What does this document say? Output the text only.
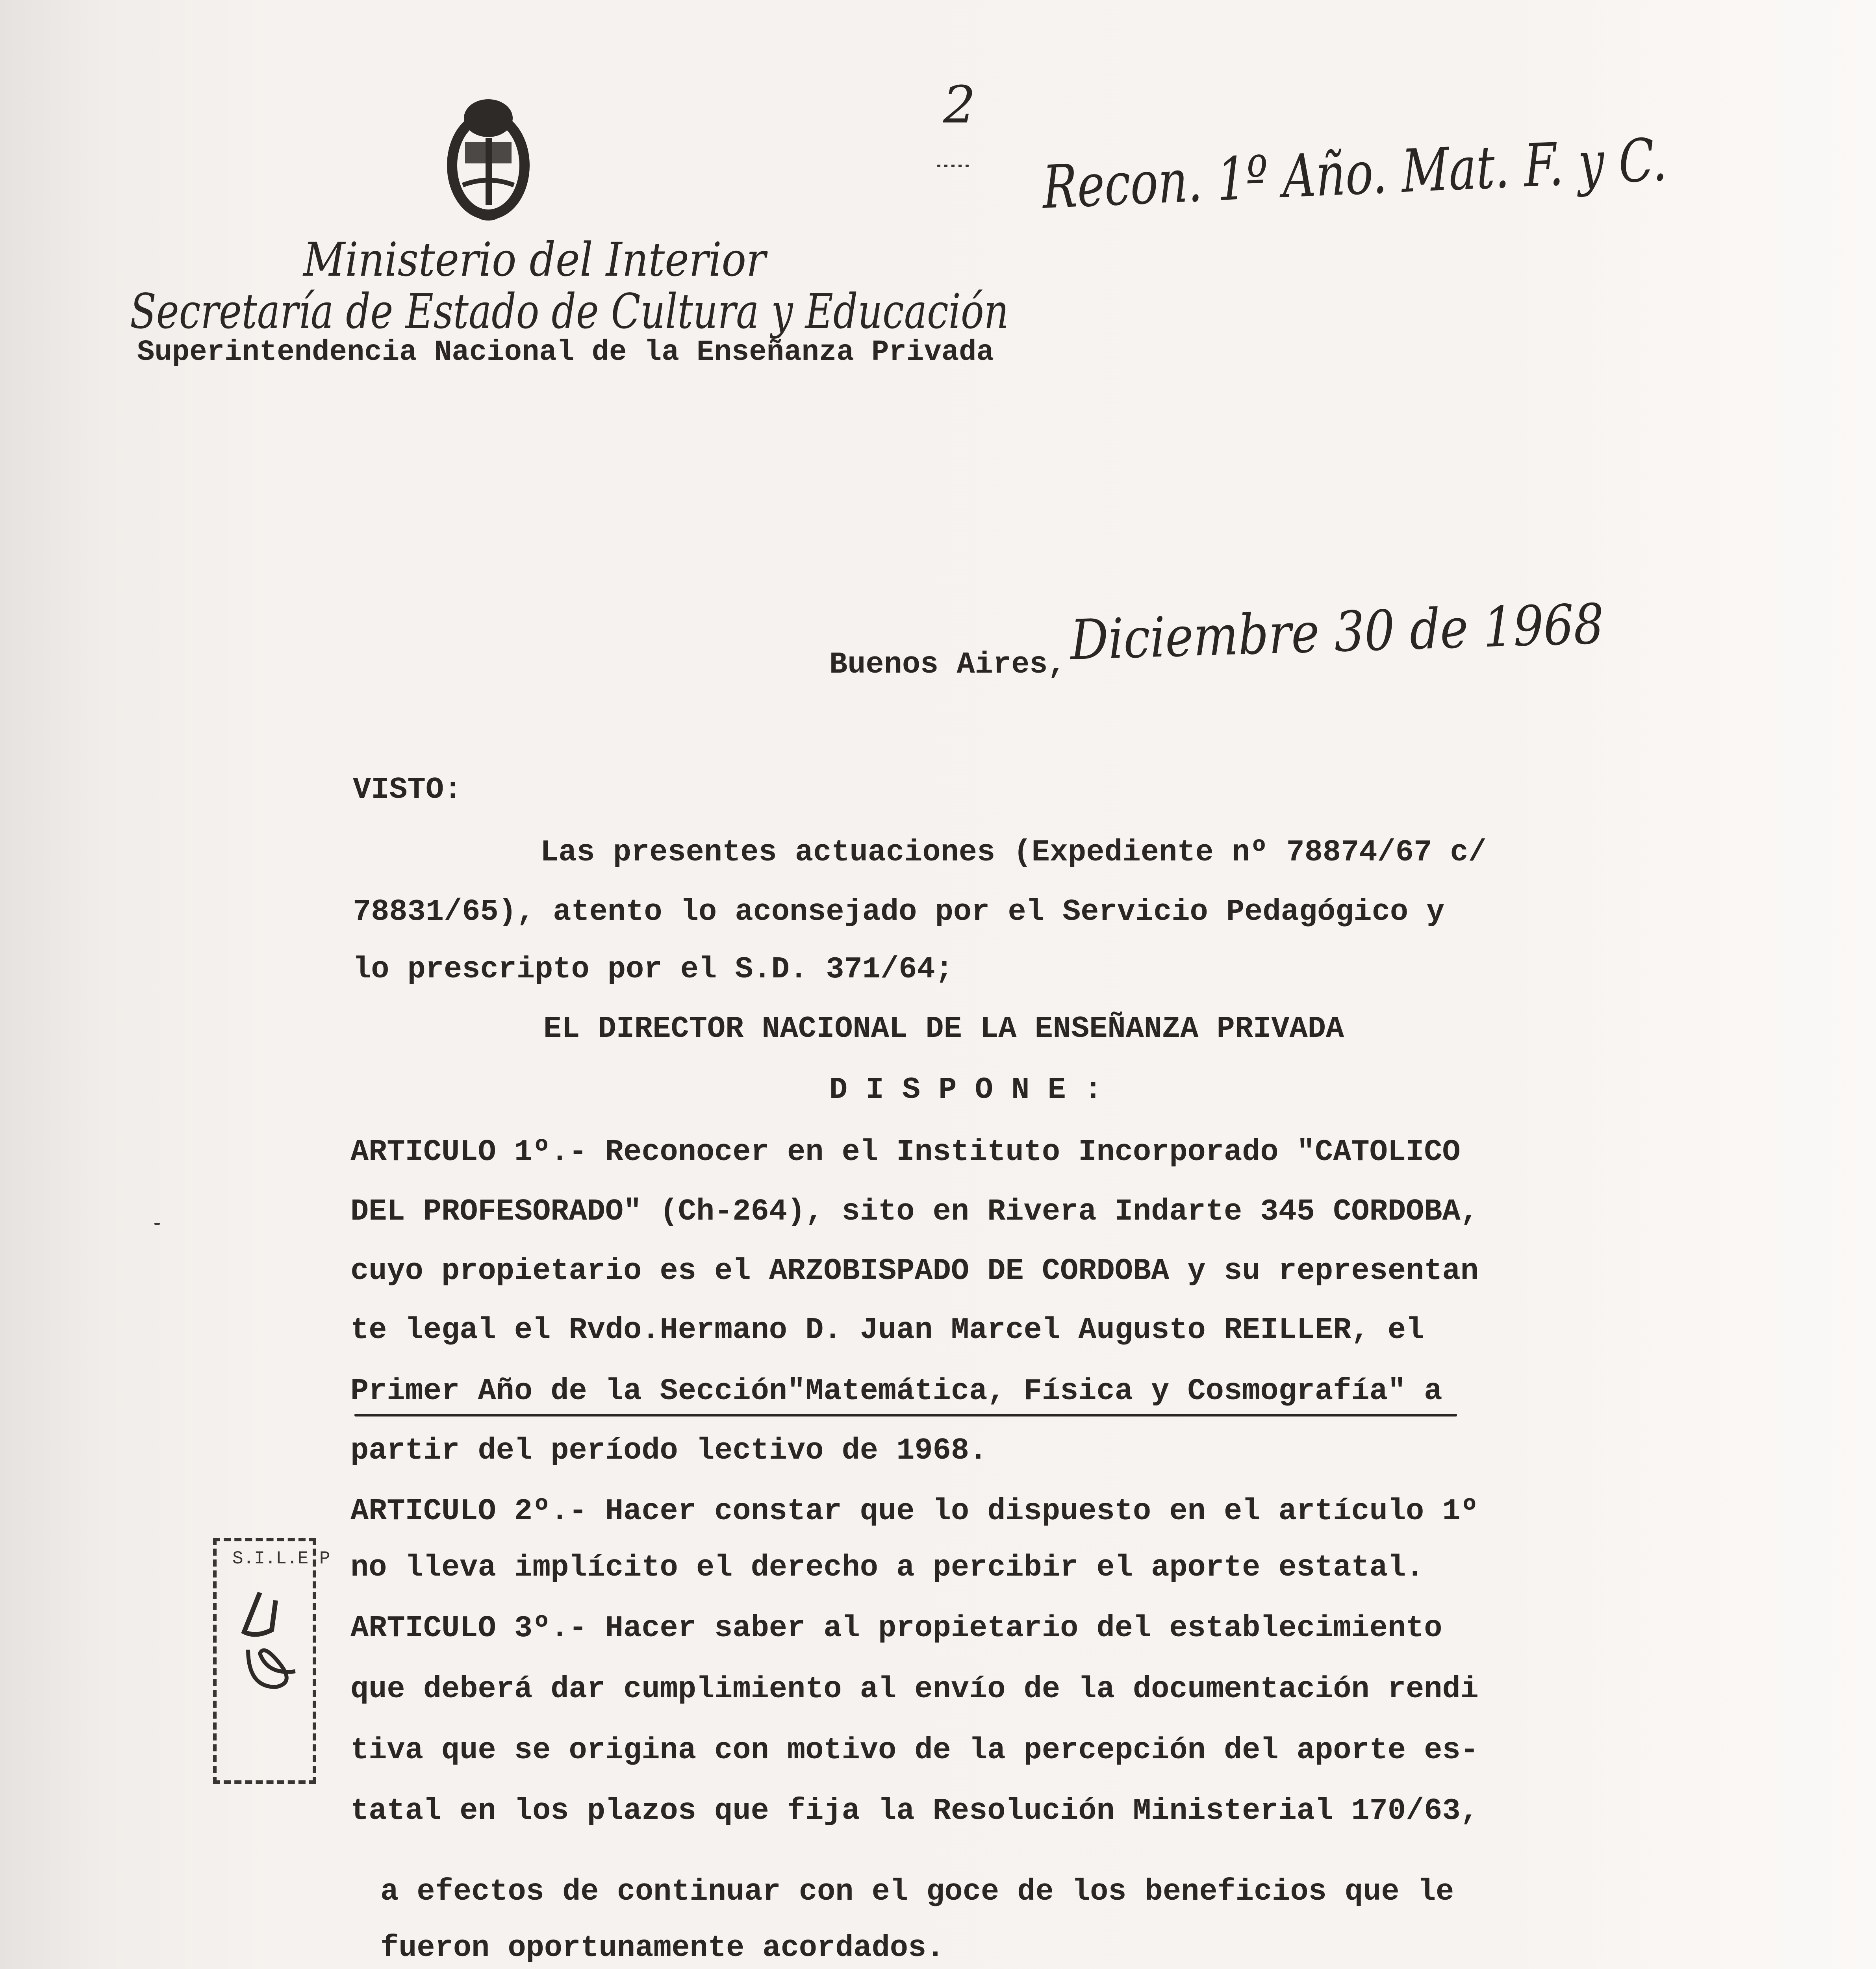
2
Ministerio del Interior
Secretaría de Estado de Cultura y Educación
Superintendencia Nacional de la Enseñanza Privada
Recon. 1º Año. Mat. F. y C.
Buenos Aires, Diciembre 30 de 1968
VISTO:
Las presentes actuaciones (Expediente nº 78874/67 c/
78831/65), atento lo aconsejado por el Servicio Pedagógico y
lo prescripto por el S.D. 371/64;
EL DIRECTOR NACIONAL DE LA ENSEÑANZA PRIVADA
D I S P O N E :
ARTICULO 1º.- Reconocer en el Instituto Incorporado "CATOLICO
DEL PROFESORADO" (Ch-264), sito en Rivera Indarte 345 CORDOBA,
cuyo propietario es el ARZOBISPADO DE CORDOBA y su representan
te legal el Rvdo.Hermano D. Juan Marcel Augusto REILLER, el
Primer Año de la Sección"Matemática, Física y Cosmografía" a
partir del período lectivo de 1968.
ARTICULO 2º.- Hacer constar que lo dispuesto en el artículo 1º
no lleva implícito el derecho a percibir el aporte estatal.
ARTICULO 3º.- Hacer saber al propietario del establecimiento
que deberá dar cumplimiento al envío de la documentación rendi
tiva que se origina con motivo de la percepción del aporte es-
tatal en los plazos que fija la Resolución Ministerial 170/63,
a efectos de continuar con el goce de los beneficios que le
fueron oportunamente acordados.
S.I.L.E.P
